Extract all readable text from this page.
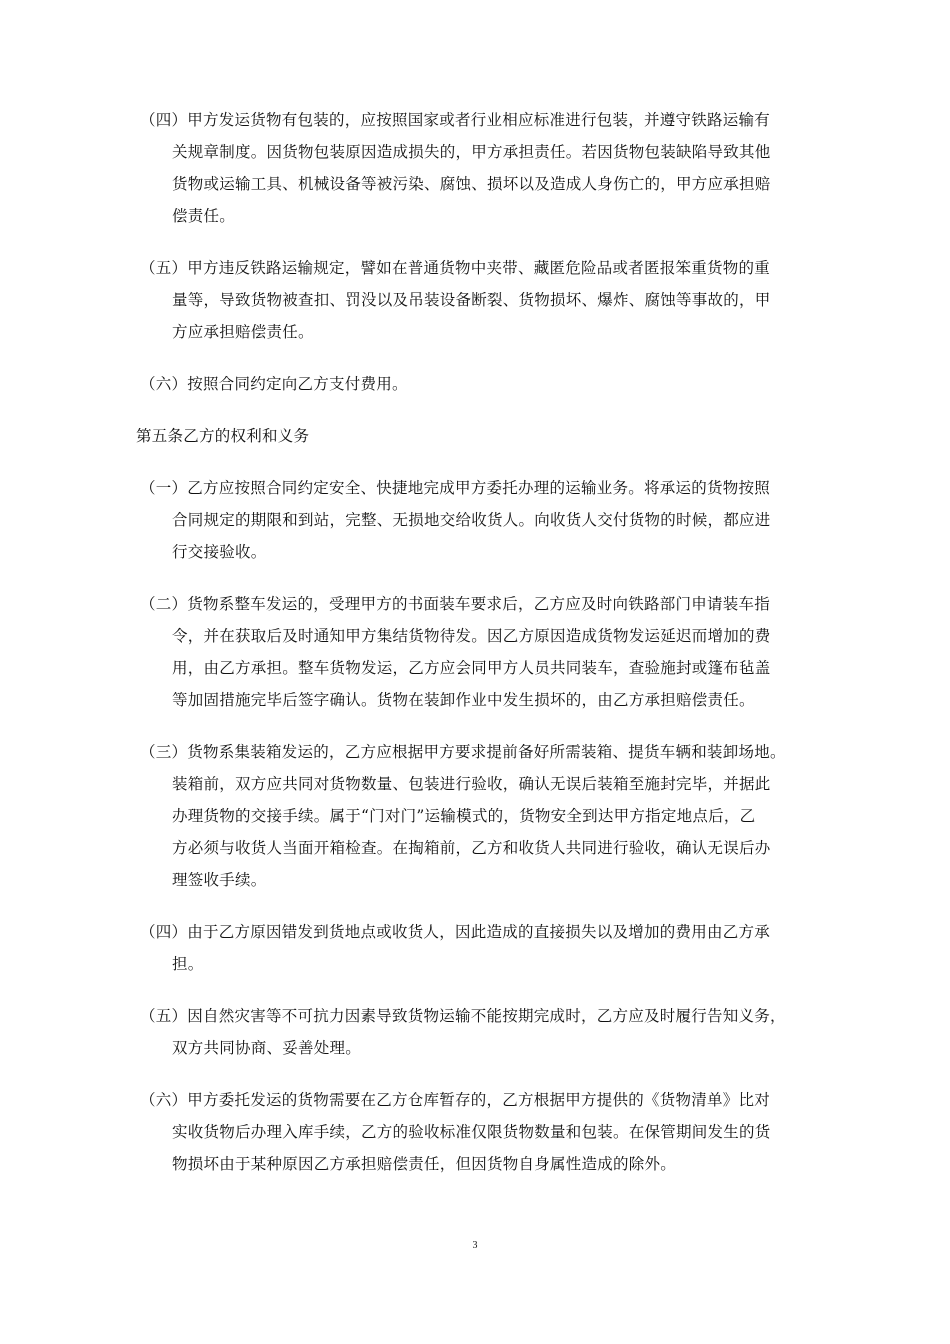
（四）甲方发运货物有包装的，应按照国家或者行业相应标准进行包装，并遵守铁路运输有
关规章制度。因货物包装原因造成损失的，甲方承担责任。若因货物包装缺陷导致其他
货物或运输工具、机械设备等被污染、腐蚀、损坏以及造成人身伤亡的，甲方应承担赔
偿责任。
（五）甲方违反铁路运输规定，譬如在普通货物中夹带、藏匿危险品或者匿报笨重货物的重
量等，导致货物被查扣、罚没以及吊装设备断裂、货物损坏、爆炸、腐蚀等事故的，甲
方应承担赔偿责任。
（六）按照合同约定向乙方支付费用。
第五条乙方的权利和义务
（一）乙方应按照合同约定安全、快捷地完成甲方委托办理的运输业务。将承运的货物按照
合同规定的期限和到站，完整、无损地交给收货人。向收货人交付货物的时候，都应进
行交接验收。
（二）货物系整车发运的，受理甲方的书面装车要求后，乙方应及时向铁路部门申请装车指
令，并在获取后及时通知甲方集结货物待发。因乙方原因造成货物发运延迟而增加的费
用，由乙方承担。整车货物发运，乙方应会同甲方人员共同装车，查验施封或篷布毡盖
等加固措施完毕后签字确认。货物在装卸作业中发生损坏的，由乙方承担赔偿责任。
（三）货物系集装箱发运的，乙方应根据甲方要求提前备好所需装箱、提货车辆和装卸场地。
装箱前，双方应共同对货物数量、包装进行验收，确认无误后装箱至施封完毕，并据此
办理货物的交接手续。属于“门对门”运输模式的，货物安全到达甲方指定地点后，乙
方必须与收货人当面开箱检查。在掏箱前，乙方和收货人共同进行验收，确认无误后办
理签收手续。
（四）由于乙方原因错发到货地点或收货人，因此造成的直接损失以及增加的费用由乙方承
担。
（五）因自然灾害等不可抗力因素导致货物运输不能按期完成时，乙方应及时履行告知义务，
双方共同协商、妥善处理。
（六）甲方委托发运的货物需要在乙方仓库暂存的，乙方根据甲方提供的《货物清单》比对
实收货物后办理入库手续，乙方的验收标准仅限货物数量和包装。在保管期间发生的货
物损坏由于某种原因乙方承担赔偿责任，但因货物自身属性造成的除外。
3
